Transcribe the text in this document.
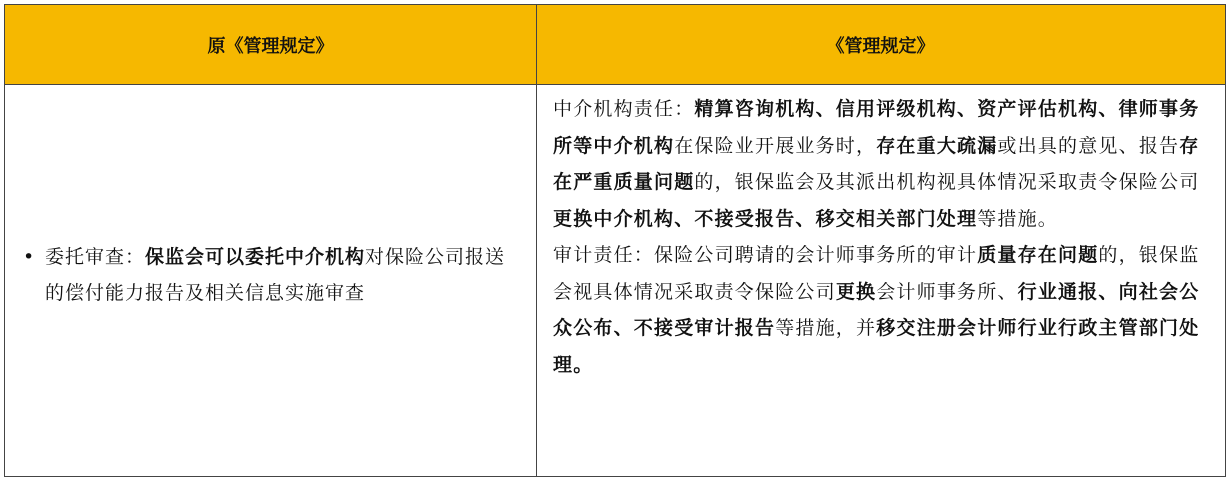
原《管理规定》	《管理规定》
• 委托审查：保监会可以委托中介机构对保险公司报送的偿付能力报告及相关信息实施审查

中介机构责任：精算咨询机构、信用评级机构、资产评估机构、律师事务所等中介机构在保险业开展业务时，存在重大疏漏或出具的意见、报告存在严重质量问题的，银保监会及其派出机构视具体情况采取责令保险公司更换中介机构、不接受报告、移交相关部门处理等措施。

审计责任：保险公司聘请的会计师事务所的审计质量存在问题的，银保监会视具体情况采取责令保险公司更换会计师事务所、行业通报、向社会公众公布、不接受审计报告等措施，并移交注册会计师行业行政主管部门处理。
